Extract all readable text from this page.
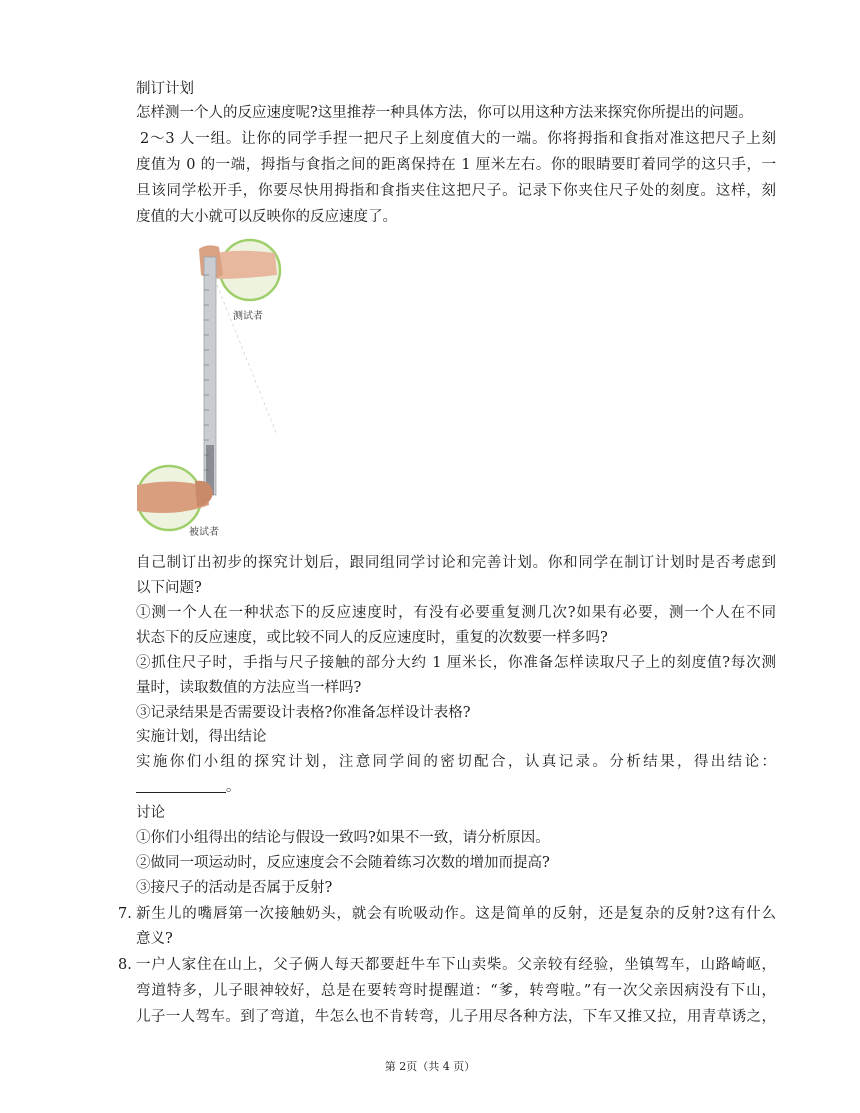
制订计划
怎样测一个人的反应速度呢?这里推荐一种具体方法，你可以用这种方法来探究你所提出的问题。
2～3 人一组。让你的同学手捏一把尺子上刻度值大的一端。你将拇指和食指对准这把尺子上刻
度值为 0 的一端，拇指与食指之间的距离保持在 1 厘米左右。你的眼睛要盯着同学的这只手，一
旦该同学松开手，你要尽快用拇指和食指夹住这把尺子。记录下你夹住尺子处的刻度。这样，刻
度值的大小就可以反映你的反应速度了。
测试者
被试者
自己制订出初步的探究计划后，跟同组同学讨论和完善计划。你和同学在制订计划时是否考虑到
以下问题?
①测一个人在一种状态下的反应速度时，有没有必要重复测几次?如果有必要，测一个人在不同
状态下的反应速度，或比较不同人的反应速度时，重复的次数要一样多吗?
②抓住尺子时，手指与尺子接触的部分大约 1 厘米长，你准备怎样读取尺子上的刻度值?每次测
量时，读取数值的方法应当一样吗?
③记录结果是否需要设计表格?你准备怎样设计表格?
实施计划，得出结论
实施你们小组的探究计划，注意同学间的密切配合，认真记录。分析结果，得出结论：
。
讨论
①你们小组得出的结论与假设一致吗?如果不一致，请分析原因。
②做同一项运动时，反应速度会不会随着练习次数的增加而提高?
③接尺子的活动是否属于反射?
7. 新生儿的嘴唇第一次接触奶头，就会有吮吸动作。这是简单的反射，还是复杂的反射?这有什么
意义?
8. 一户人家住在山上，父子俩人每天都要赶牛车下山卖柴。父亲较有经验，坐镇驾车，山路崎岖，
弯道特多，儿子眼神较好，总是在要转弯时提醒道：“爹，转弯啦。”有一次父亲因病没有下山，
儿子一人驾车。到了弯道，牛怎么也不肯转弯，儿子用尽各种方法，下车又推又拉，用青草诱之，
第 2页（共 4 页）
